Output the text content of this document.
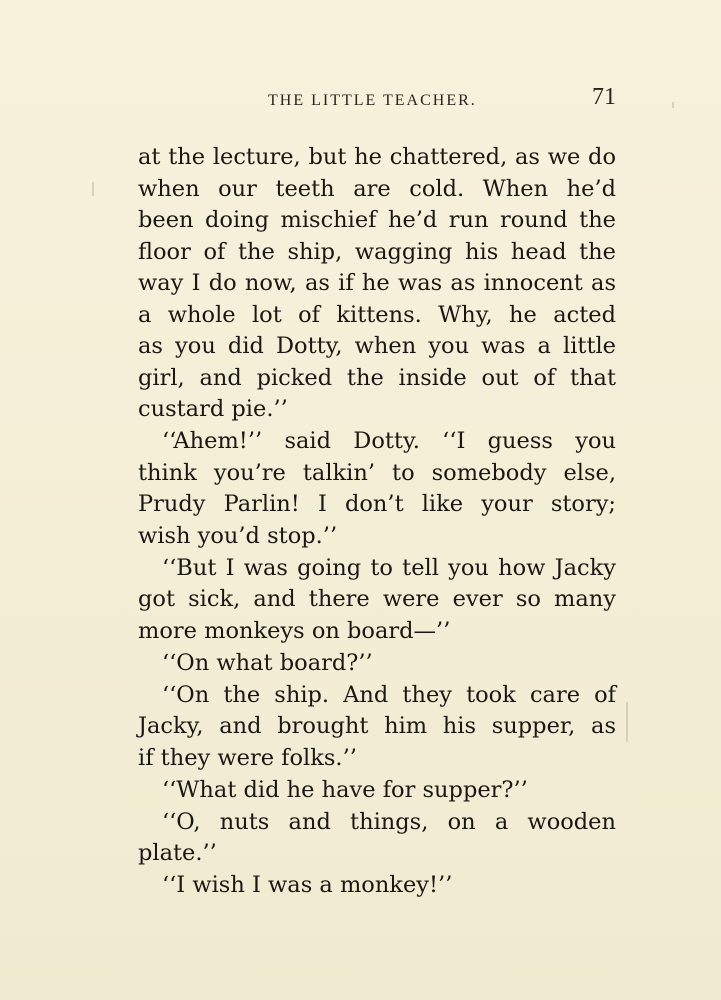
THE LITTLE TEACHER.	71
at the lecture, but he chattered, as we do
when our teeth are cold. When he’d
been doing mischief he’d run round the
floor of the ship, wagging his head the
way I do now, as if he was as innocent as
a whole lot of kittens. Why, he acted
as you did Dotty, when you was a little
girl, and picked the inside out of that
custard pie.’’
‘‘Ahem!’’ said Dotty. ‘‘I guess you
think you’re talkin’ to somebody else,
Prudy Parlin! I don’t like your story;
wish you’d stop.’’
‘‘But I was going to tell you how Jacky
got sick, and there were ever so many
more monkeys on board—’’
‘‘On what board?’’
‘‘On the ship. And they took care of
Jacky, and brought him his supper, as
if they were folks.’’
‘‘What did he have for supper?’’
‘‘O, nuts and things, on a wooden
plate.’’
‘‘I wish I was a monkey!’’
